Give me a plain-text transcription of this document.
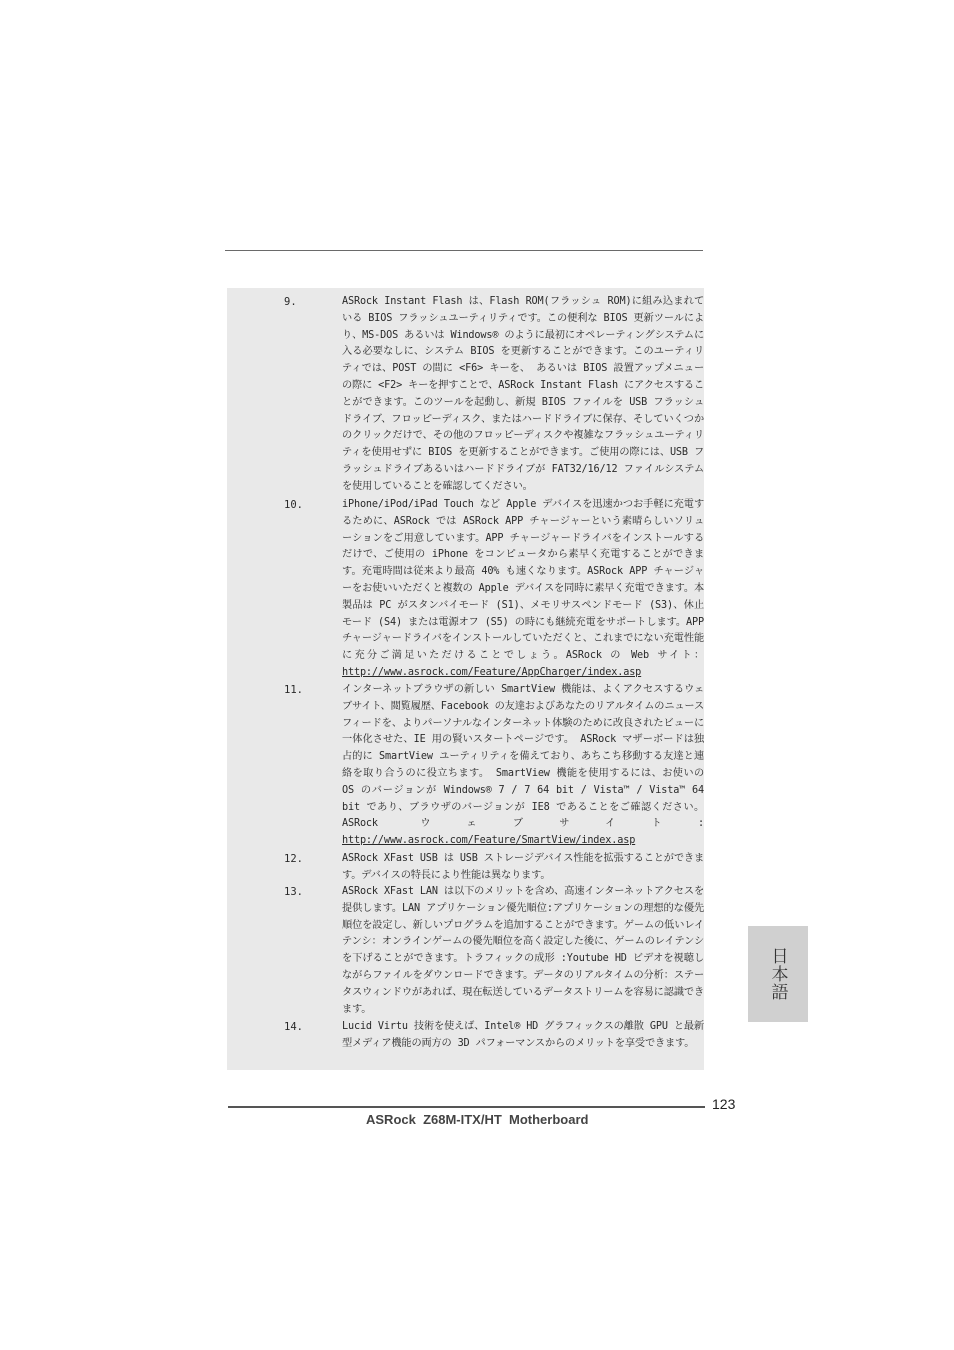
9.	ASRock Instant Flash は、Flash ROM(フラッシュ ROM)に組み込まれている BIOS フラッシュユーティリティです。この便利な BIOS 更新ツールにより、MS-DOS あるいは Windows® のように最初にオペレーティングシステムに入る必要なしに、システム BIOS を更新することができます。このユーティリティでは、POST の間に <F6> キーを、 あるいは BIOS 設置アップメニューの際に <F2> キーを押すことで、ASRock Instant Flash にアクセスすることができます。このツールを起動し、新規 BIOS ファイルを USB フラッシュドライブ、フロッピーディスク、またはハードドライブに保存、そしていくつかのクリックだけで、その他のフロッピーディスクや複雑なフラッシュユーティリティを使用せずに BIOS を更新することができます。ご使用の際には、USB フラッシュドライブあるいはハードドライブが FAT32/16/12 ファイルシステムを使用していることを確認してください。
10.	iPhone/iPod/iPad Touch など Apple デバイスを迅速かつお手軽に充電するために、ASRock では ASRock APP チャージャーという素晴らしいソリューションをご用意しています。APP チャージャードライバをインストールするだけで、ご使用の iPhone をコンピュータから素早く充電することができます。充電時間は従来より最高 40% も速くなります。ASRock APP チャージャーをお使いいただくと複数の Apple デバイスを同時に素早く充電できます。本製品は PC がスタンバイモード (S1)、メモリサスペンドモード (S3)、休止モード (S4) または電源オフ (S5) の時にも継続充電をサポートします。APP チャージャードライバをインストールしていただくと、これまでにない充電性能に充分ご満足いただけることでしょう。ASRock の Web サイト： http://www.asrock.com/Feature/AppCharger/index.asp
11.	インターネットブラウザの新しい SmartView 機能は、よくアクセスするウェブサイト、閲覧履歴、Facebook の友達およびあなたのリアルタイムのニュースフィードを、よりパーソナルなインターネット体験のために改良されたビューに一体化させた、IE 用の賢いスタートページです。 ASRock マザーボードは独占的に SmartView ユーティリティを備えており、あちこち移動する友達と連絡を取り合うのに役立ちます。 SmartView 機能を使用するには、お使いの OS のバージョンが Windows® 7 / 7 64 bit / Vista™ / Vista™ 64 bit であり、ブラウザのバージョンが IE8 であることをご確認ください。 ASRock ウェブサイト: http://www.asrock.com/Feature/SmartView/index.asp
12.	ASRock XFast USB は USB ストレージデバイス性能を拡張することができます。デバイスの特長により性能は異なります。
13.	ASRock XFast LAN は以下のメリットを含め、高速インターネットアクセスを提供します。LAN アプリケーション優先順位:アプリケーションの理想的な優先順位を設定し、新しいプログラムを追加することができます。ゲームの低いレイテンシ：オンラインゲームの優先順位を高く設定した後に、ゲームのレイテンシを下げることができます。トラフィックの成形 :Youtube HD ビデオを視聴しながらファイルをダウンロードできます。データのリアルタイムの分析：ステータスウィンドウがあれば、現在転送しているデータストリームを容易に認識できます。
14.	Lucid Virtu 技術を使えば、Intel® HD グラフィックスの離散 GPU と最新型メディア機能の両方の 3D パフォーマンスからのメリットを享受できます。
日本語
123
ASRock  Z68M-ITX/HT  Motherboard
